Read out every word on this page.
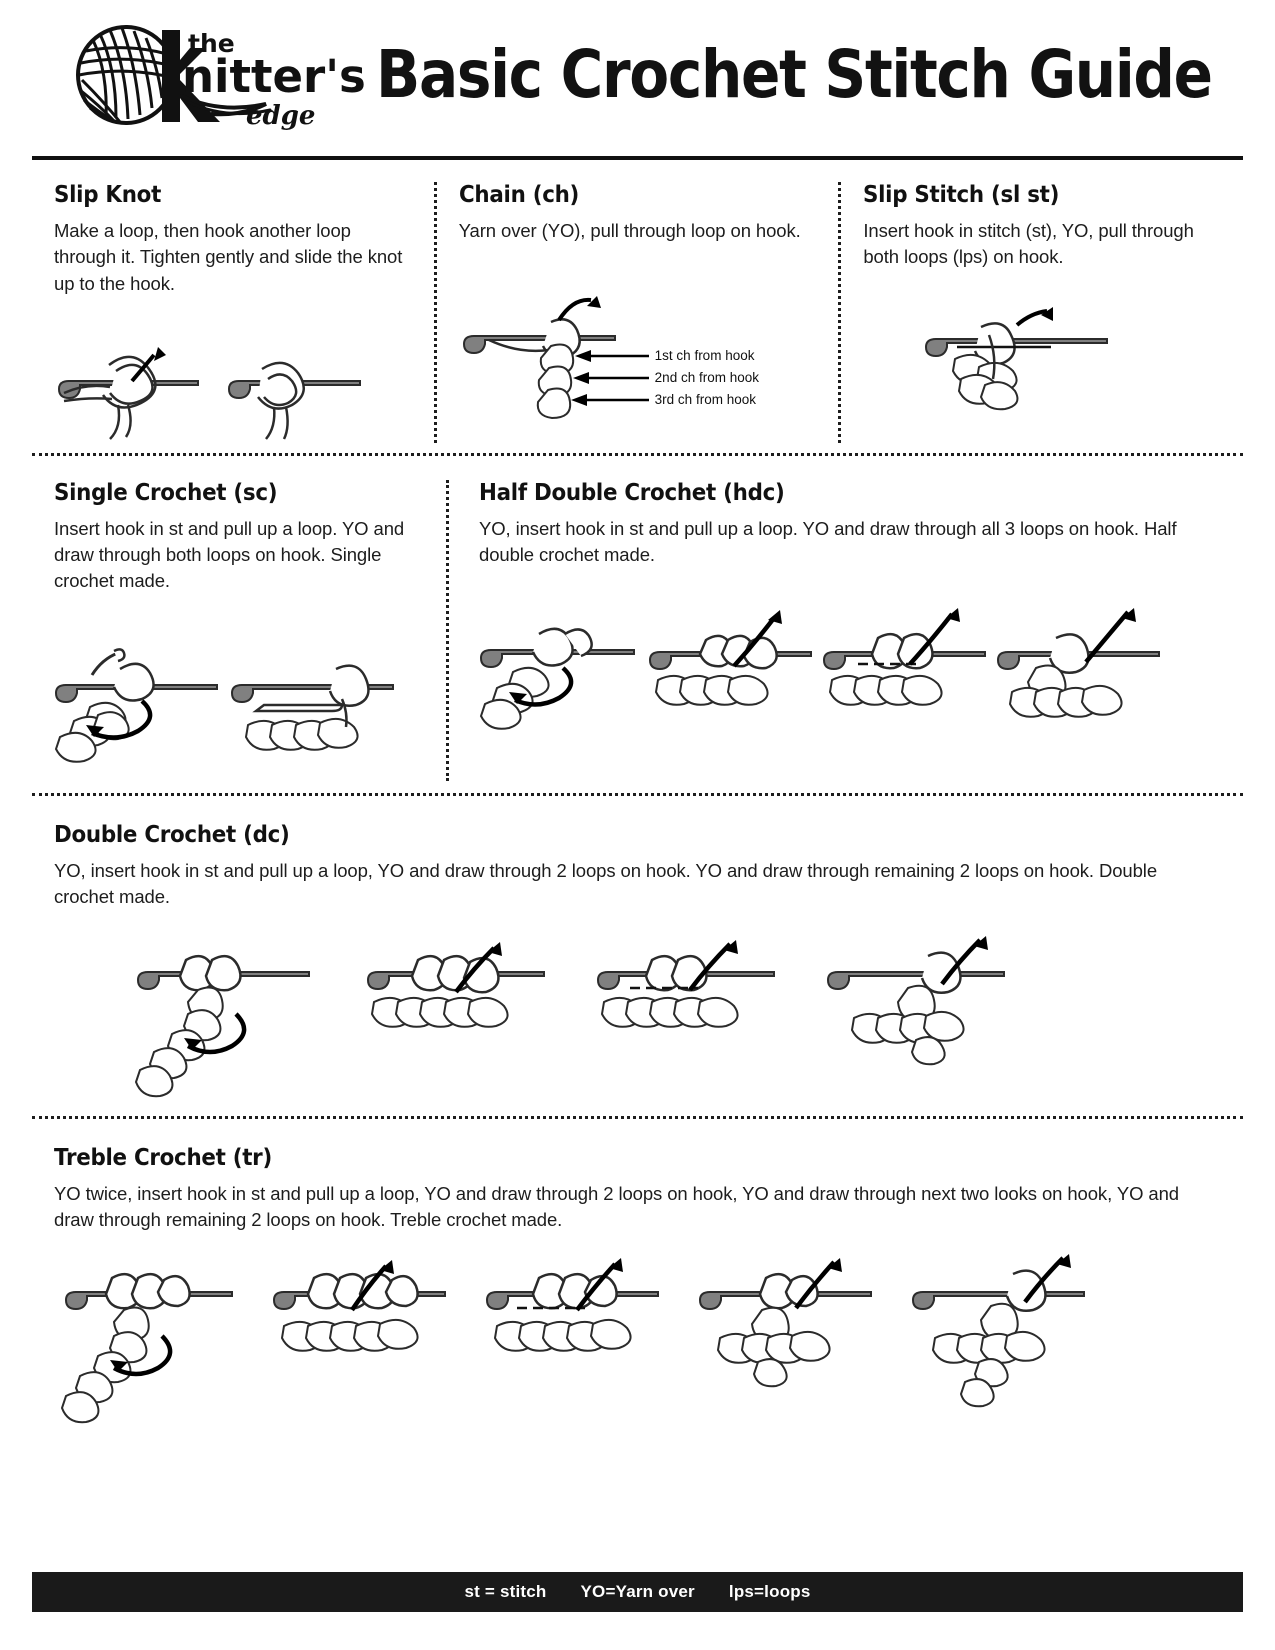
the
nitter's
edge
Basic Crochet Stitch Guide
Slip Knot

Make a loop, then hook another loop through it. Tighten gently and slide the knot up to the hook.

Chain (ch)

Yarn over (YO), pull through loop on hook.

1st ch from hook
2nd ch from hook
3rd ch from hook
Slip Stitch (sl st)

Insert hook in stitch (st), YO, pull through both loops (lps) on hook.

Single Crochet (sc)

Insert hook in st and pull up a loop. YO and draw through both loops on hook. Single crochet made.

Half Double Crochet (hdc)

YO, insert hook in st and pull up a loop. YO and draw through all 3 loops on hook. Half double crochet made.

Double Crochet (dc)

YO, insert hook in st and pull up a loop, YO and draw through 2 loops on hook. YO and draw through remaining 2 loops on hook. Double crochet made.

Treble Crochet (tr)

YO twice, insert hook in st and pull up a loop, YO and draw through 2 loops on hook, YO and draw through next two looks on hook, YO and draw through remaining 2 loops on hook. Treble crochet made.

st = stitch YO=Yarn over lps=loops
